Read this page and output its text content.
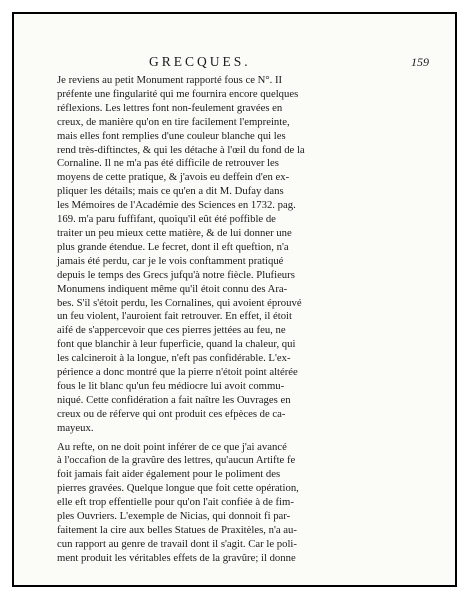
GRECQUES.	159

Je reviens au petit Monument rapporté fous ce N°. II
préfente une fingularité qui me fournira encore quelques
réflexions. Les lettres font non-feulement gravées en
creux, de manière qu'on en tire facilement l'empreinte,
mais elles font remplies d'une couleur blanche qui les
rend très-diftinctes, & qui les détache à l'œil du fond de la
Cornaline. Il ne m'a pas été difficile de retrouver les
moyens de cette pratique, & j'avois eu deffein d'en ex-
pliquer les détails; mais ce qu'en a dit M. Dufay dans
les Mémoires de l'Académie des Sciences en 1732. pag.
169. m'a paru fuffifant, quoiqu'il eût été poffible de
traiter un peu mieux cette matière, & de lui donner une
plus grande étendue. Le fecret, dont il eft queftion, n'a
jamais été perdu, car je le vois conftamment pratiqué
depuis le temps des Grecs jufqu'à notre fiècle. Plufieurs
Monumens indiquent même qu'il étoit connu des Ara-
bes. S'il s'étoit perdu, les Cornalines, qui avoient éprouvé
un feu violent, l'auroient fait retrouver. En effet, il étoit
aifé de s'appercevoir que ces pierres jettées au feu, ne
font que blanchir à leur fuperficie, quand la chaleur, qui
les calcineroit à la longue, n'eft pas confidérable. L'ex-
périence a donc montré que la pierre n'étoit point altérée
fous le lit blanc qu'un feu médiocre lui avoit commu-
niqué. Cette confidération a fait naître les Ouvrages en
creux ou de réferve qui ont produit ces efpèces de ca-
mayeux.

Au refte, on ne doit point inférer de ce que j'ai avancé
à l'occafion de la gravûre des lettres, qu'aucun Artifte fe
foit jamais fait aider également pour le poliment des
pierres gravées. Quelque longue que foit cette opération,
elle eft trop effentielle pour qu'on l'ait confiée à de fim-
ples Ouvriers. L'exemple de Nicias, qui donnoit fi par-
faitement la cire aux belles Statues de Praxitèles, n'a au-
cun rapport au genre de travail dont il s'agit. Car le poli-
ment produit les véritables effets de la gravûre; il donne
